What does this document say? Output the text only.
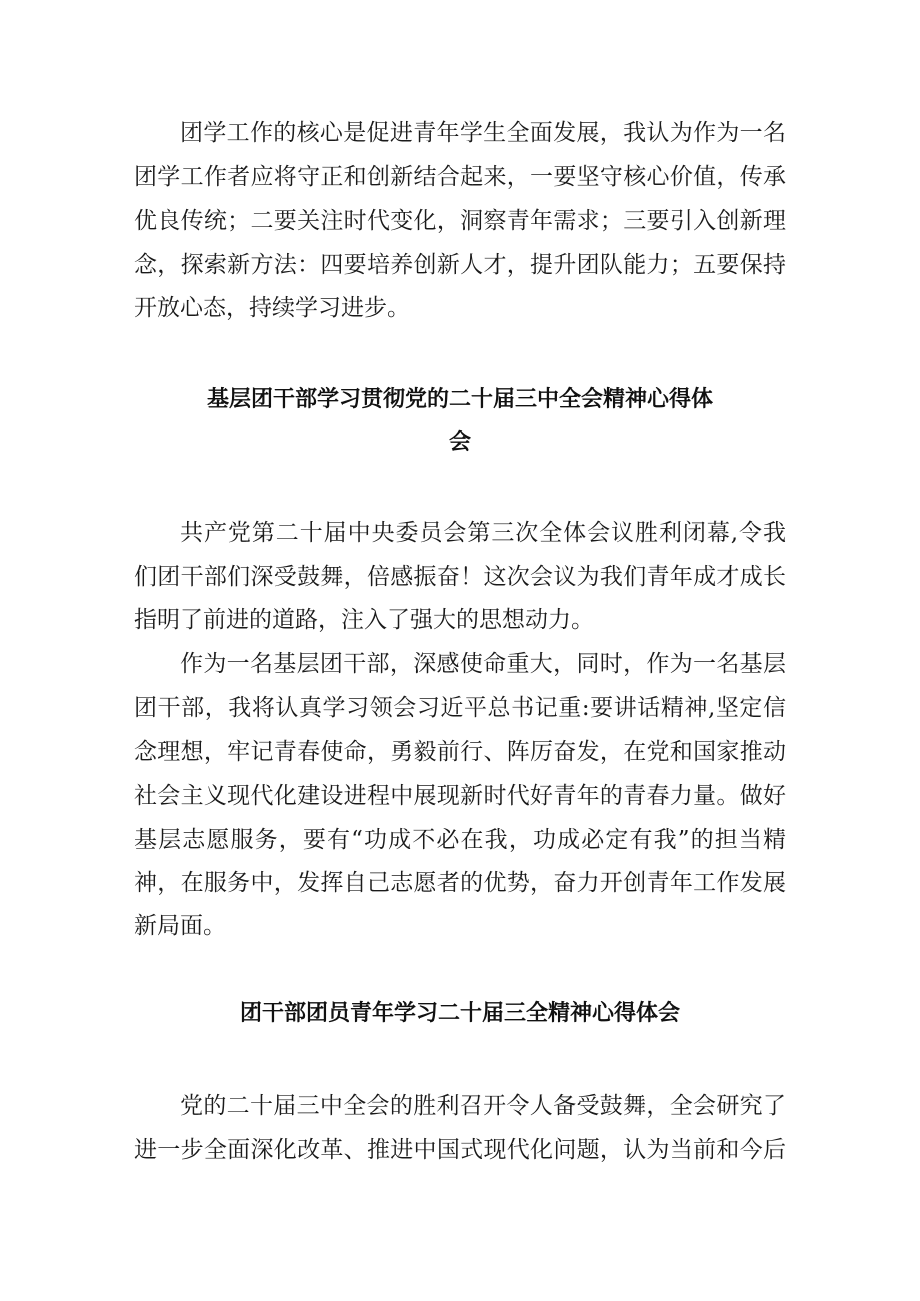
团学工作的核心是促进青年学生全面发展，我认为作为一名
团学工作者应将守正和创新结合起来，一要坚守核心价值，传承
优良传统；二要关注时代变化，洞察青年需求；三要引入创新理
念，探索新方法：四要培养创新人才，提升团队能力；五要保持
开放心态，持续学习进步。
基层团干部学习贯彻党的二十届三中全会精神心得体
会
共产党第二十届中央委员会第三次全体会议胜利闭幕,令我
们团干部们深受鼓舞，倍感振奋！这次会议为我们青年成才成长
指明了前进的道路，注入了强大的思想动力。
作为一名基层团干部，深感使命重大，同时，作为一名基层
团干部，我将认真学习领会习近平总书记重:要讲话精神,坚定信
念理想，牢记青春使命，勇毅前行、阵厉奋发，在党和国家推动
社会主义现代化建设进程中展现新时代好青年的青春力量。做好
基层志愿服务，要有“功成不必在我，功成必定有我”的担当精
神，在服务中，发挥自己志愿者的优势，奋力开创青年工作发展
新局面。
团干部团员青年学习二十届三全精神心得体会
党的二十届三中全会的胜利召开令人备受鼓舞，全会研究了
进一步全面深化改革、推进中国式现代化问题，认为当前和今后
